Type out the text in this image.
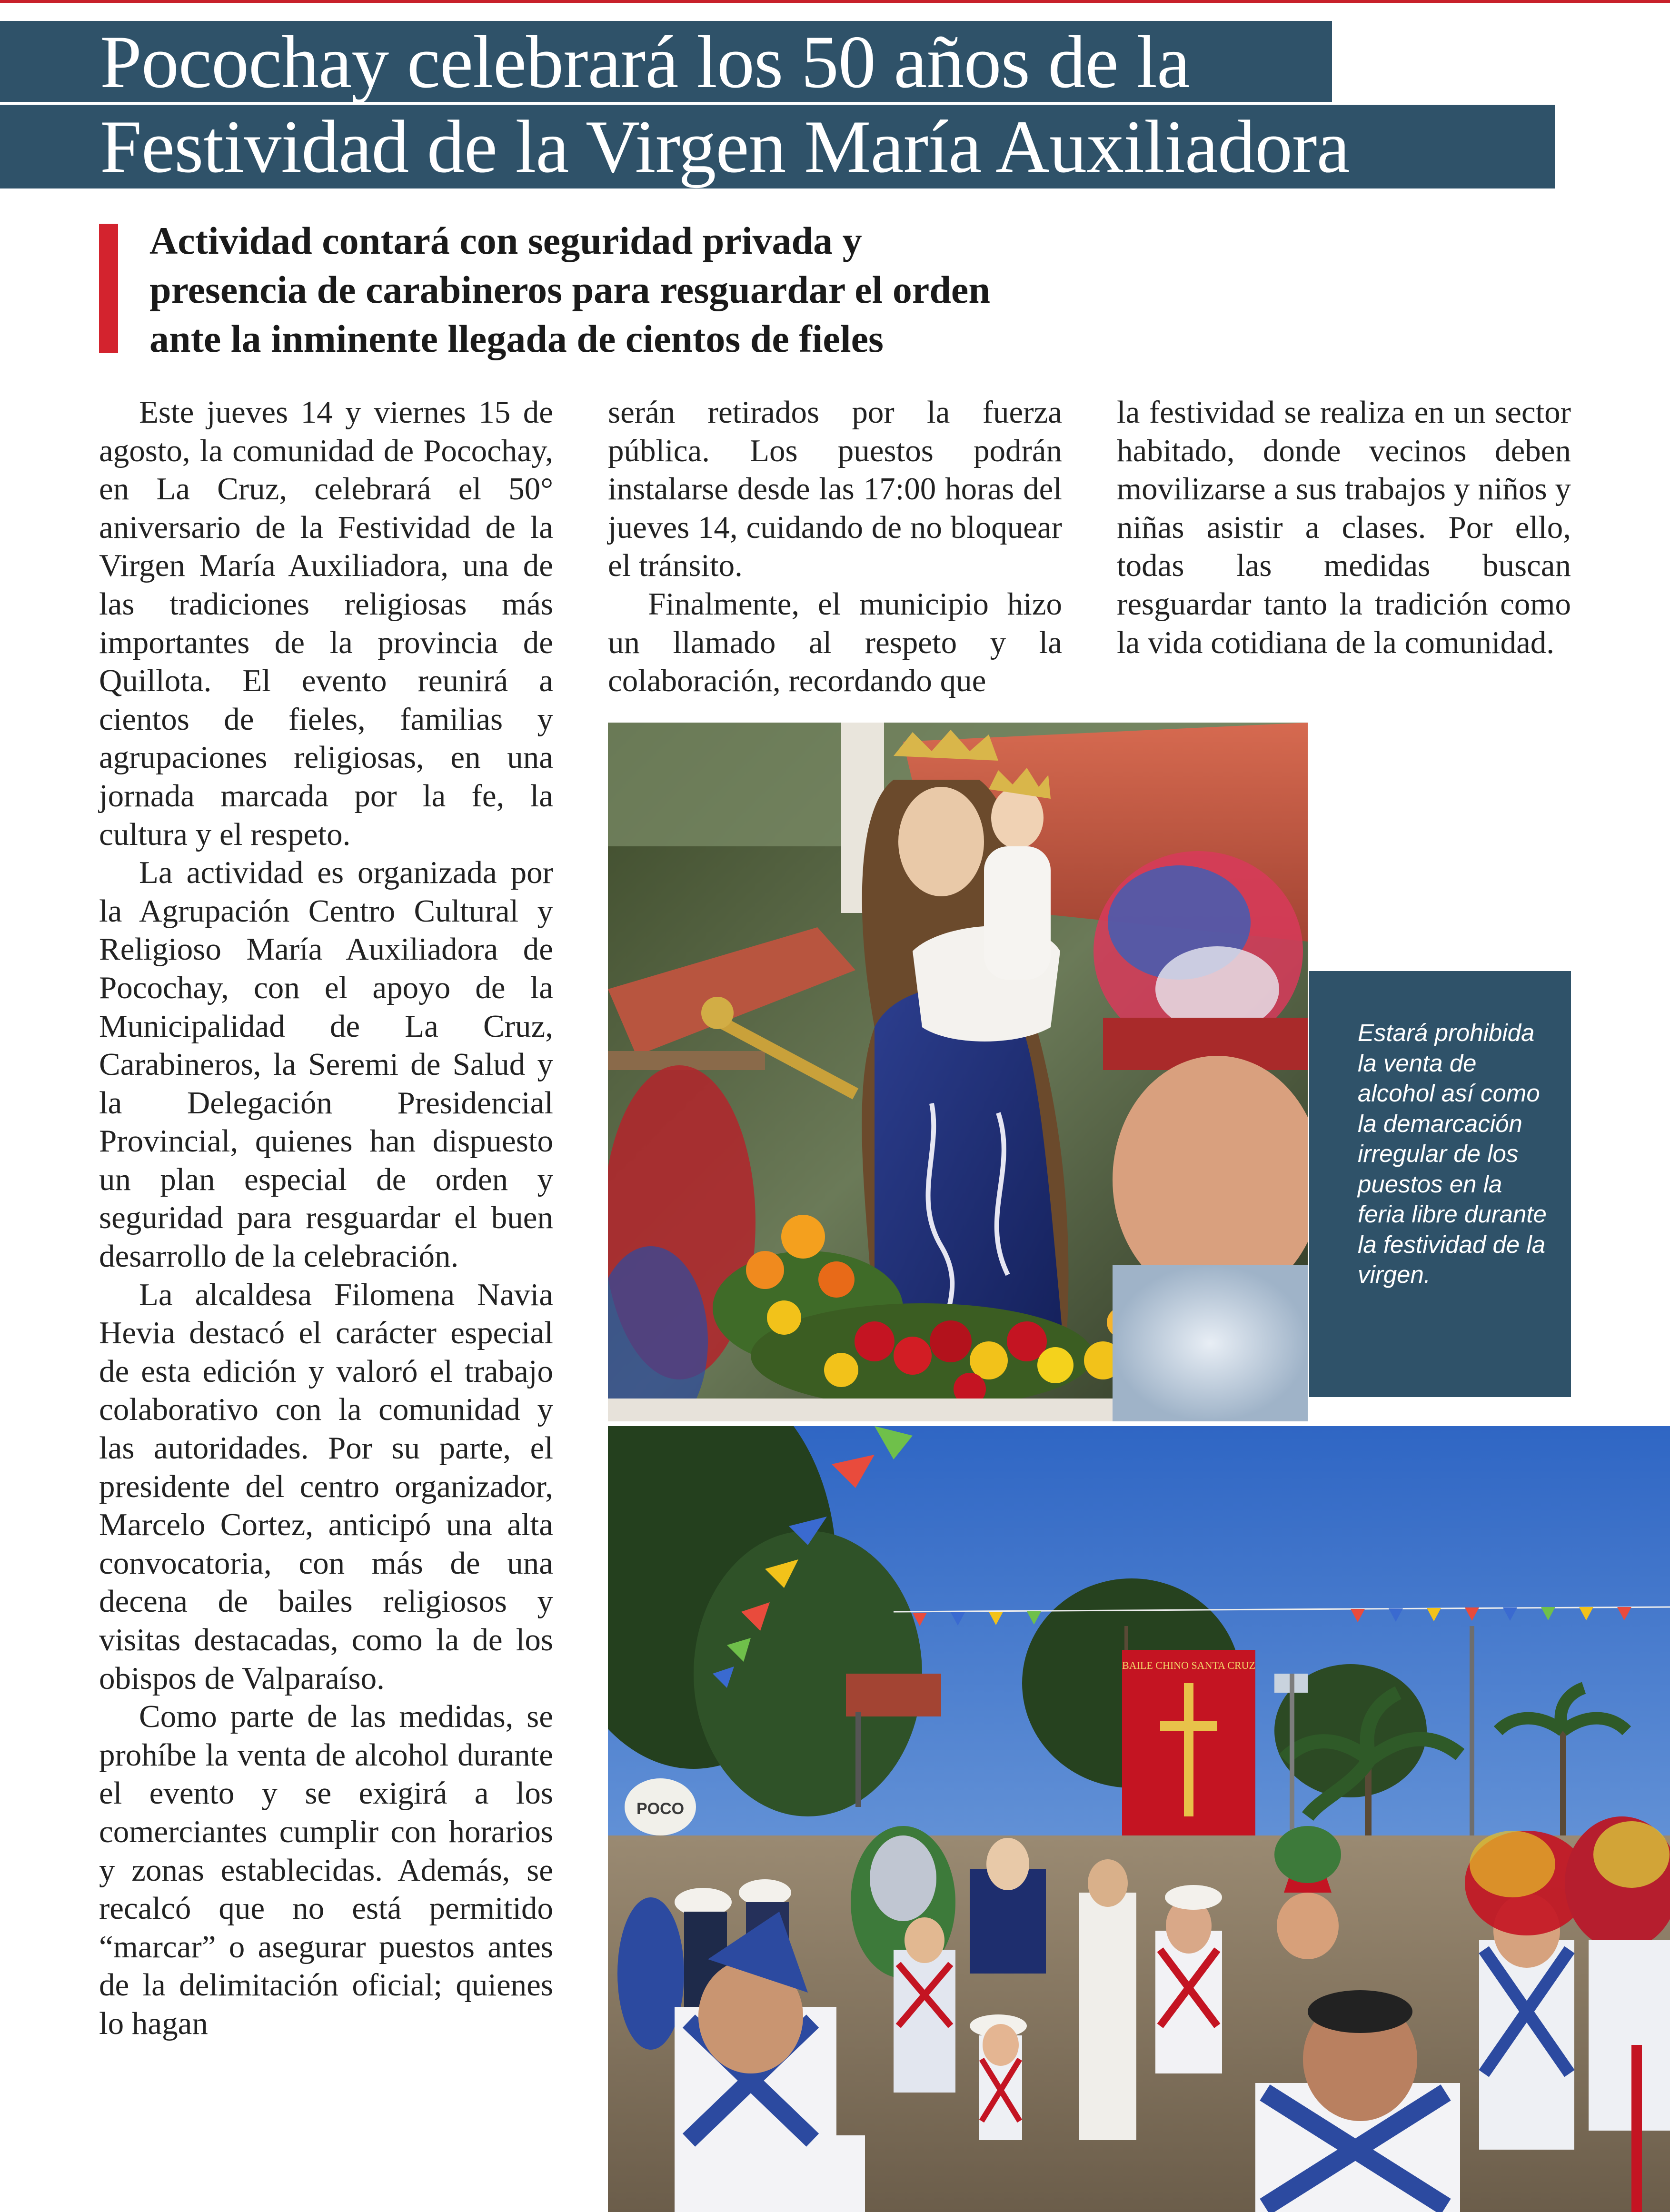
Pocochay celebrará los 50 años de la
Festividad de la Virgen María Auxiliadora
Actividad contará con seguridad privada y
presencia de carabineros para resguardar el orden
ante la inminente llegada de cientos de fieles

Este jueves 14 y viernes 15 de agosto, la comunidad de Pocochay, en La Cruz, celebrará el 50° aniversario de la Festividad de la Virgen María Auxiliadora, una de las tradiciones religiosas más importantes de la provincia de Quillota. El evento reunirá a cientos de fieles, familias y agrupaciones religiosas, en una jornada marcada por la fe, la cultura y el respeto.

La actividad es organizada por la Agrupación Centro Cultural y Religioso María Auxiliadora de Pocochay, con el apoyo de la Municipalidad de La Cruz, Carabineros, la Seremi de Salud y la Delegación Presidencial Provincial, quienes han dispuesto un plan especial de orden y seguridad para resguardar el buen desarrollo de la celebración.

La alcaldesa Filomena Navia Hevia destacó el carácter especial de esta edición y valoró el trabajo colaborativo con la comunidad y las autoridades. Por su parte, el presidente del centro organizador, Marcelo Cortez, anticipó una alta convocatoria, con más de una decena de bailes religiosos y visitas destacadas, como la de los obispos de Valparaíso.

Como parte de las medidas, se prohíbe la venta de alcohol durante el evento y se exigirá a los comerciantes cumplir con horarios y zonas establecidas. Además, se recalcó que no está permitido “marcar” o asegurar puestos antes de la delimitación oficial; quienes lo hagan

serán retirados por la fuerza pública. Los puestos podrán instalarse desde las 17:00 horas del jueves 14, cuidando de no bloquear el tránsito.

Finalmente, el municipio hizo un llamado al respeto y la colaboración, recordando que

la festividad se realiza en un sector habitado, donde vecinos deben movilizarse a sus trabajos y niños y niñas asistir a clases. Por ello, todas las medidas buscan resguardar tanto la tradición como la vida cotidiana de la comunidad.

Estará prohibida la venta de alcohol así como la demarcación irregular de los puestos en la feria libre durante la festividad de la virgen.
POCO
BAILE CHINO SANTA CRUZ
